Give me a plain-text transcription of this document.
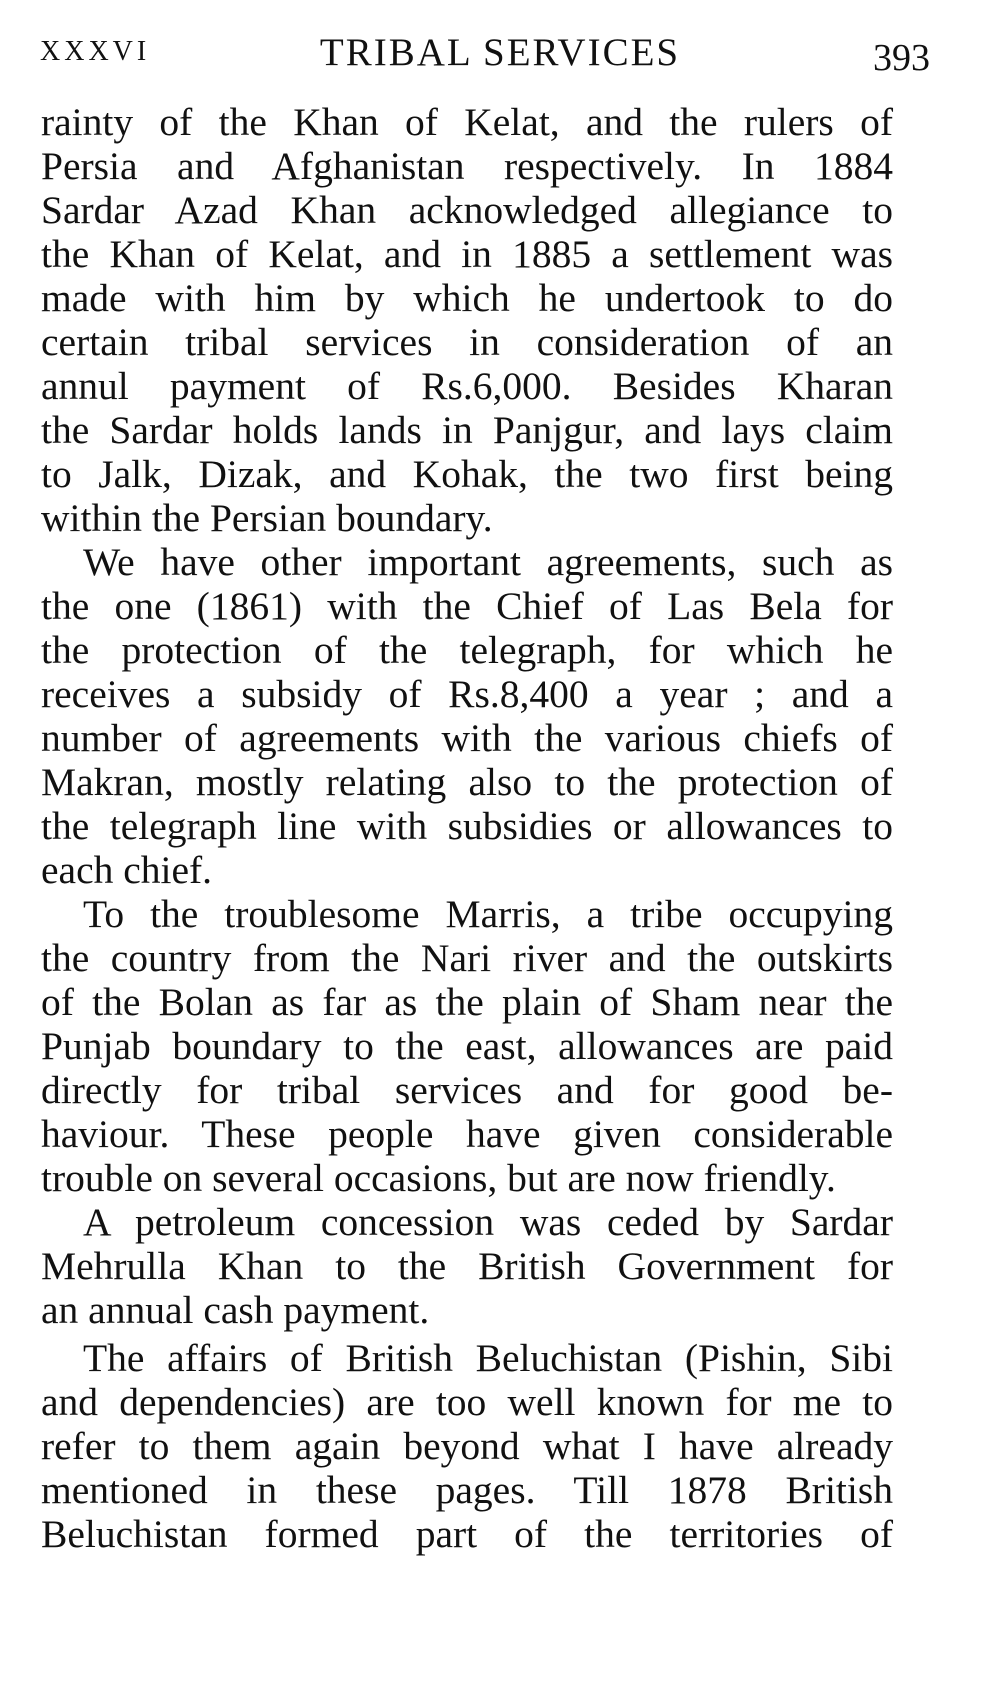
XXXVI	TRIBAL SERVICES	393
rainty of the Khan of Kelat, and the rulers of
Persia and Afghanistan respectively. In 1884
Sardar Azad Khan acknowledged allegiance to
the Khan of Kelat, and in 1885 a settlement was
made with him by which he undertook to do
certain tribal services in consideration of an
annul payment of Rs.6,000. Besides Kharan
the Sardar holds lands in Panjgur, and lays claim
to Jalk, Dizak, and Kohak, the two first being
within the Persian boundary.
We have other important agreements, such as
the one (1861) with the Chief of Las Bela for
the protection of the telegraph, for which he
receives a subsidy of Rs.8,400 a year ; and a
number of agreements with the various chiefs of
Makran, mostly relating also to the protection of
the telegraph line with subsidies or allowances to
each chief.
To the troublesome Marris, a tribe occupying
the country from the Nari river and the outskirts
of the Bolan as far as the plain of Sham near the
Punjab boundary to the east, allowances are paid
directly for tribal services and for good be-
haviour. These people have given considerable
trouble on several occasions, but are now friendly.
A petroleum concession was ceded by Sardar
Mehrulla Khan to the British Government for
an annual cash payment.
The affairs of British Beluchistan (Pishin, Sibi
and dependencies) are too well known for me to
refer to them again beyond what I have already
mentioned in these pages. Till 1878 British
Beluchistan formed part of the territories of
